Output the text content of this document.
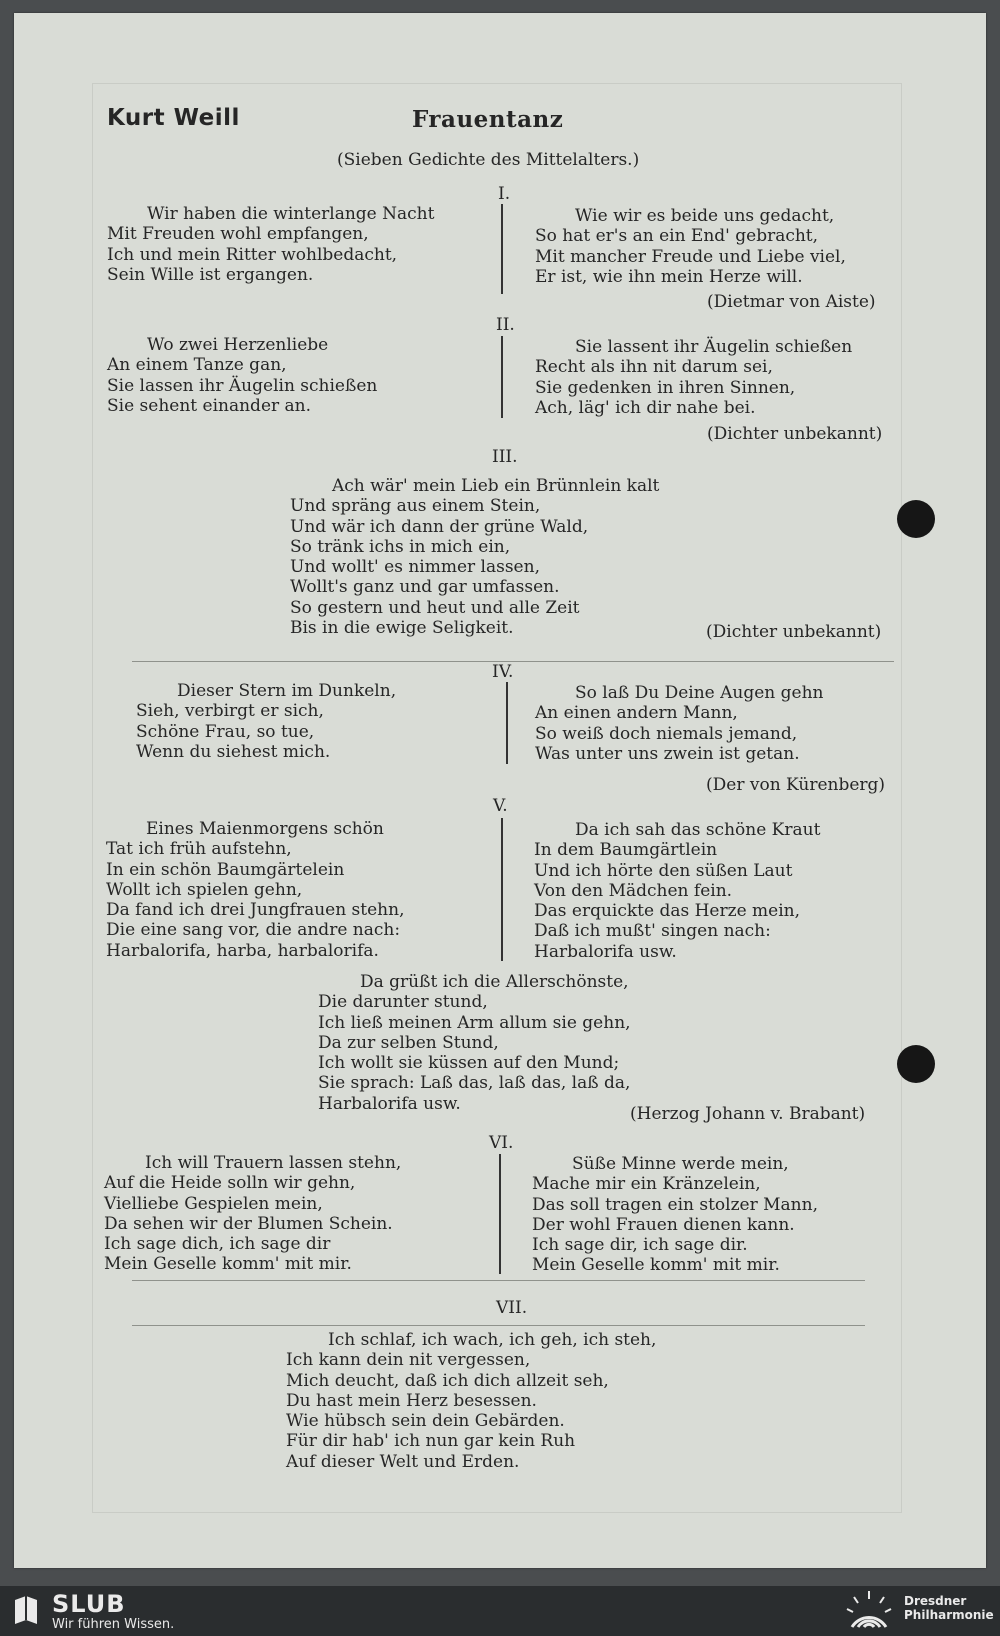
Kurt Weill	Frauentanz
(Sieben Gedichte des Mittelalters.)
I.
Wir haben die winterlange Nacht
Mit Freuden wohl empfangen,
Ich und mein Ritter wohlbedacht,
Sein Wille ist ergangen.
Wie wir es beide uns gedacht,
So hat er's an ein End' gebracht,
Mit mancher Freude und Liebe viel,
Er ist, wie ihn mein Herze will.
(Dietmar von Aiste)
II.
Wo zwei Herzenliebe
An einem Tanze gan,
Sie lassen ihr Äugelin schießen
Sie sehent einander an.
Sie lassent ihr Äugelin schießen
Recht als ihn nit darum sei,
Sie gedenken in ihren Sinnen,
Ach, läg' ich dir nahe bei.
(Dichter unbekannt)
III.
Ach wär' mein Lieb ein Brünnlein kalt
Und spräng aus einem Stein,
Und wär ich dann der grüne Wald,
So tränk ichs in mich ein,
Und wollt' es nimmer lassen,
Wollt's ganz und gar umfassen.
So gestern und heut und alle Zeit
Bis in die ewige Seligkeit.	(Dichter unbekannt)
IV.
Dieser Stern im Dunkeln,
Sieh, verbirgt er sich,
Schöne Frau, so tue,
Wenn du siehest mich.
So laß Du Deine Augen gehn
An einen andern Mann,
So weiß doch niemals jemand,
Was unter uns zwein ist getan.
(Der von Kürenberg)
V.
Eines Maienmorgens schön
Tat ich früh aufstehn,
In ein schön Baumgärtelein
Wollt ich spielen gehn,
Da fand ich drei Jungfrauen stehn,
Die eine sang vor, die andre nach:
Harbalorifa, harba, harbalorifa.
Da ich sah das schöne Kraut
In dem Baumgärtlein
Und ich hörte den süßen Laut
Von den Mädchen fein.
Das erquickte das Herze mein,
Daß ich mußt' singen nach:
Harbalorifa usw.
Da grüßt ich die Allerschönste,
Die darunter stund,
Ich ließ meinen Arm allum sie gehn,
Da zur selben Stund,
Ich wollt sie küssen auf den Mund;
Sie sprach: Laß das, laß das, laß da,
Harbalorifa usw.
(Herzog Johann v. Brabant)
VI.
Ich will Trauern lassen stehn,
Auf die Heide solln wir gehn,
Vielliebe Gespielen mein,
Da sehen wir der Blumen Schein.
Ich sage dich, ich sage dir
Mein Geselle komm' mit mir.
Süße Minne werde mein,
Mache mir ein Kränzelein,
Das soll tragen ein stolzer Mann,
Der wohl Frauen dienen kann.
Ich sage dir, ich sage dir.
Mein Geselle komm' mit mir.
VII.
Ich schlaf, ich wach, ich geh, ich steh,
Ich kann dein nit vergessen,
Mich deucht, daß ich dich allzeit seh,
Du hast mein Herz besessen.
Wie hübsch sein dein Gebärden.
Für dir hab' ich nun gar kein Ruh
Auf dieser Welt und Erden.
SLUB
Wir führen Wissen.
Dresdner
Philharmonie
